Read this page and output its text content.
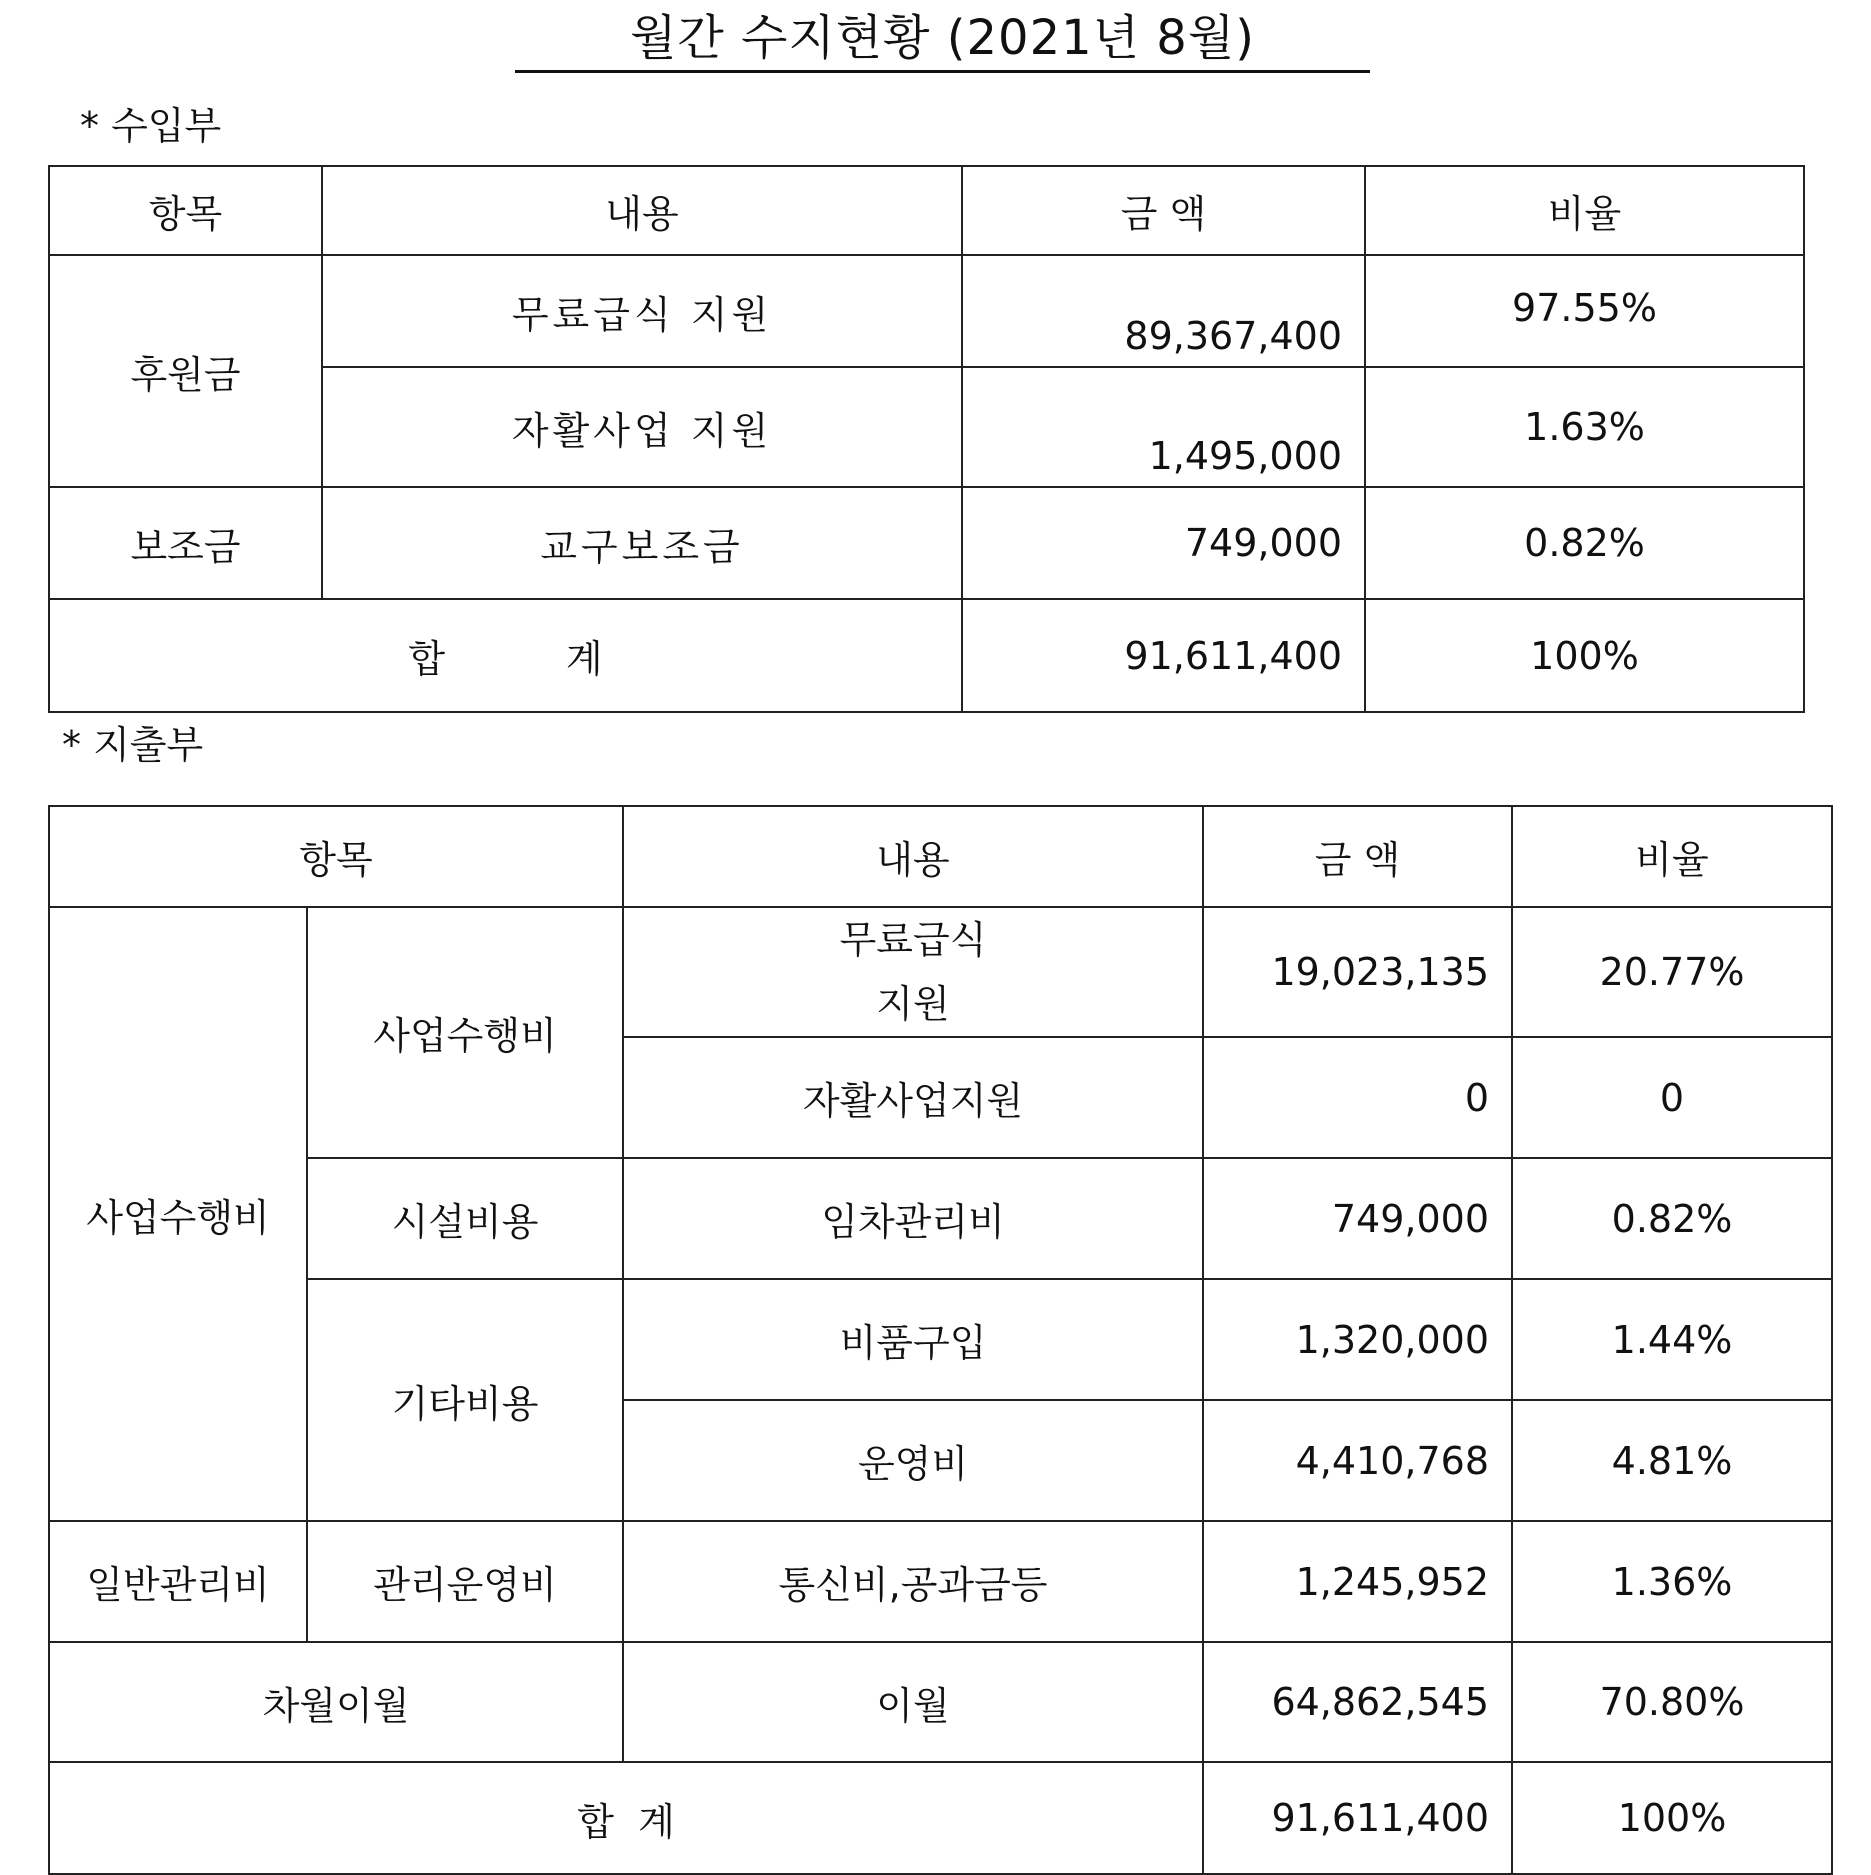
월간 수지현황 (2021년 8월)
* 수입부
항목	내용	금 액	비율
후원금	무료급식 지원	89,367,400	97.55%
	자활사업 지원	1,495,000	1.63%
보조금	교구보조금	749,000	0.82%
합          계		91,611,400	100%
* 지출부
항목		내용	금 액	비율
사업수행비	사업수행비	무료급식 지원	19,023,135	20.77%
		자활사업지원	0	0
	시설비용	임차관리비	749,000	0.82%
	기타비용	비품구입	1,320,000	1.44%
		운영비	4,410,768	4.81%
일반관리비	관리운영비	통신비,공과금등	1,245,952	1.36%
차월이월		이월	64,862,545	70.80%
합  계			91,611,400	100%
